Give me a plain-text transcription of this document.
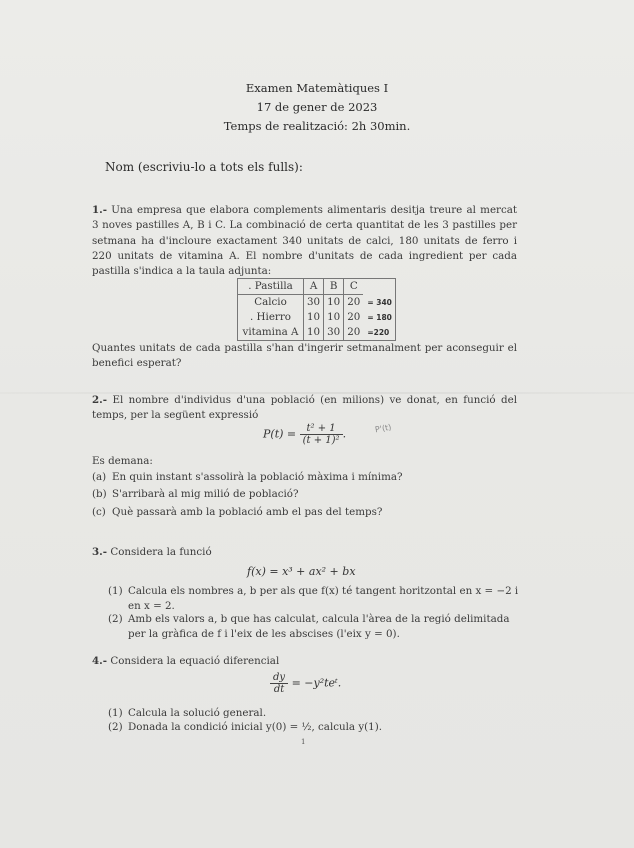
Examen Matemàtiques I
17 de gener de 2023
Temps de realització: 2h 30min.
Nom (escriviu-lo a tots els fulls):
1.- Una empresa que elabora complements alimentaris desitja treure al mercat 3 noves pastilles A, B i C. La combinació de certa quantitat de les 3 pastilles per setmana ha d'incloure exactament 340 unitats de calci, 180 unitats de ferro i 220 unitats de vitamina A. El nombre d'unitats de cada ingredient per cada pastilla s'indica a la taula adjunta:
. Pastilla	A	B	C	
Calcio	30	10	20	= 340
. Hierro	10	10	20	= 180
vitamina A	10	30	20	=220
Quantes unitats de cada pastilla s'han d'ingerir setmanalment per aconseguir el benefici esperat?
2.- El nombre d'individus d'una població (en milions) ve donat, en funció del temps, per la següent expressió
$P(t) = \frac{\text{t² + 1}}{\text{(t + 1)²}}$ .	P'(t)
Es demana:
(a) En quin instant s'assolirà la població màxima i mínima?
(b) S'arribarà al mig milió de població?
(c) Què passarà amb la població amb el pas del temps?
3.- Considera la funció
f(x) = x³ + ax² + bx
(1) Calcula els nombres a, b per als que f(x) té tangent horitzontal en x = −2 i en x = 2.
(2) Amb els valors a, b que has calculat, calcula l'àrea de la regió delimitada per la gràfica de f i l'eix de les abscises (l'eix y = 0).
4.- Considera la equació diferencial
$\frac{dy}{dt}$ = −y²teᵗ.
(1) Calcula la solució general.
(2) Donada la condició inicial y(0) = ½, calcula y(1).
1
